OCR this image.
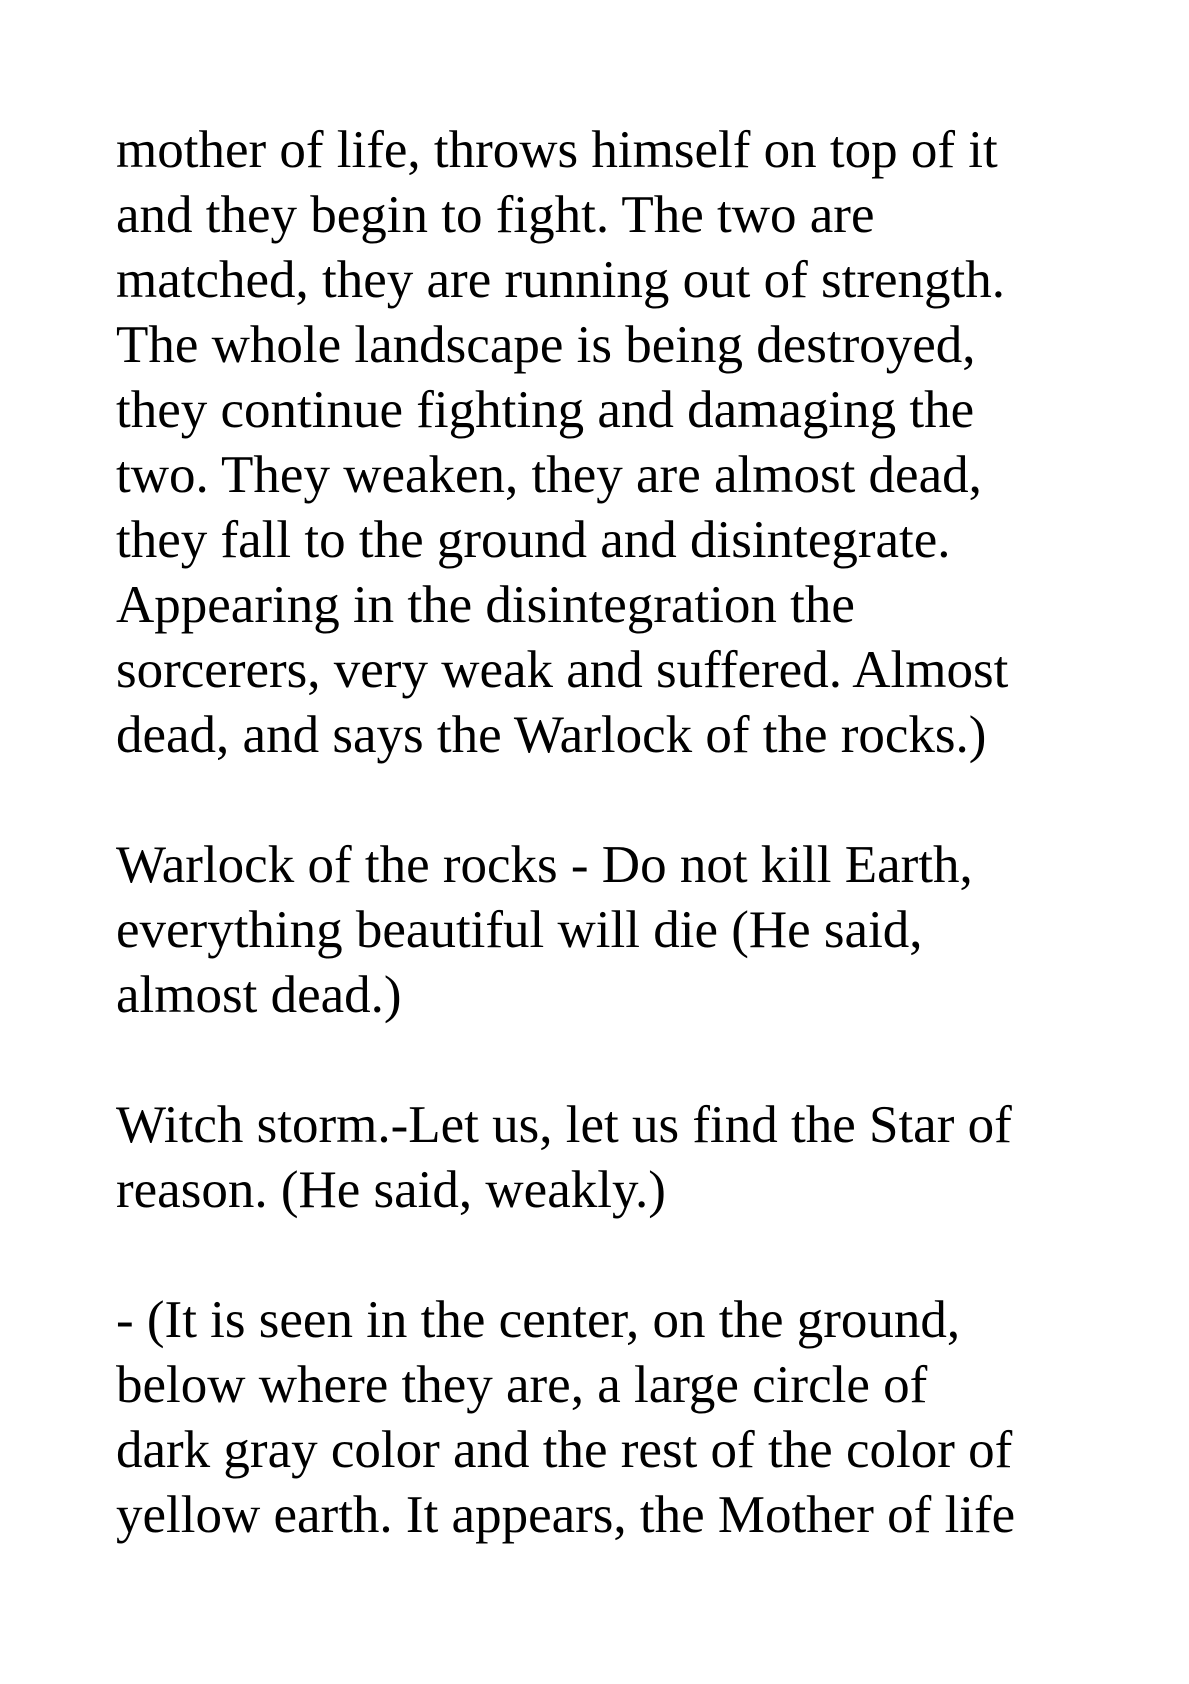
mother of life, throws himself on top of it
and they begin to fight. The two are
matched, they are running out of strength.
The whole landscape is being destroyed,
they continue fighting and damaging the
two. They weaken, they are almost dead,
they fall to the ground and disintegrate.
Appearing in the disintegration the
sorcerers, very weak and suffered. Almost
dead, and says the Warlock of the rocks.)

Warlock of the rocks - Do not kill Earth,
everything beautiful will die (He said,
almost dead.)

Witch storm.-Let us, let us find the Star of
reason. (He said, weakly.)

- (It is seen in the center, on the ground,
below where they are, a large circle of
dark gray color and the rest of the color of
yellow earth. It appears, the Mother of life
